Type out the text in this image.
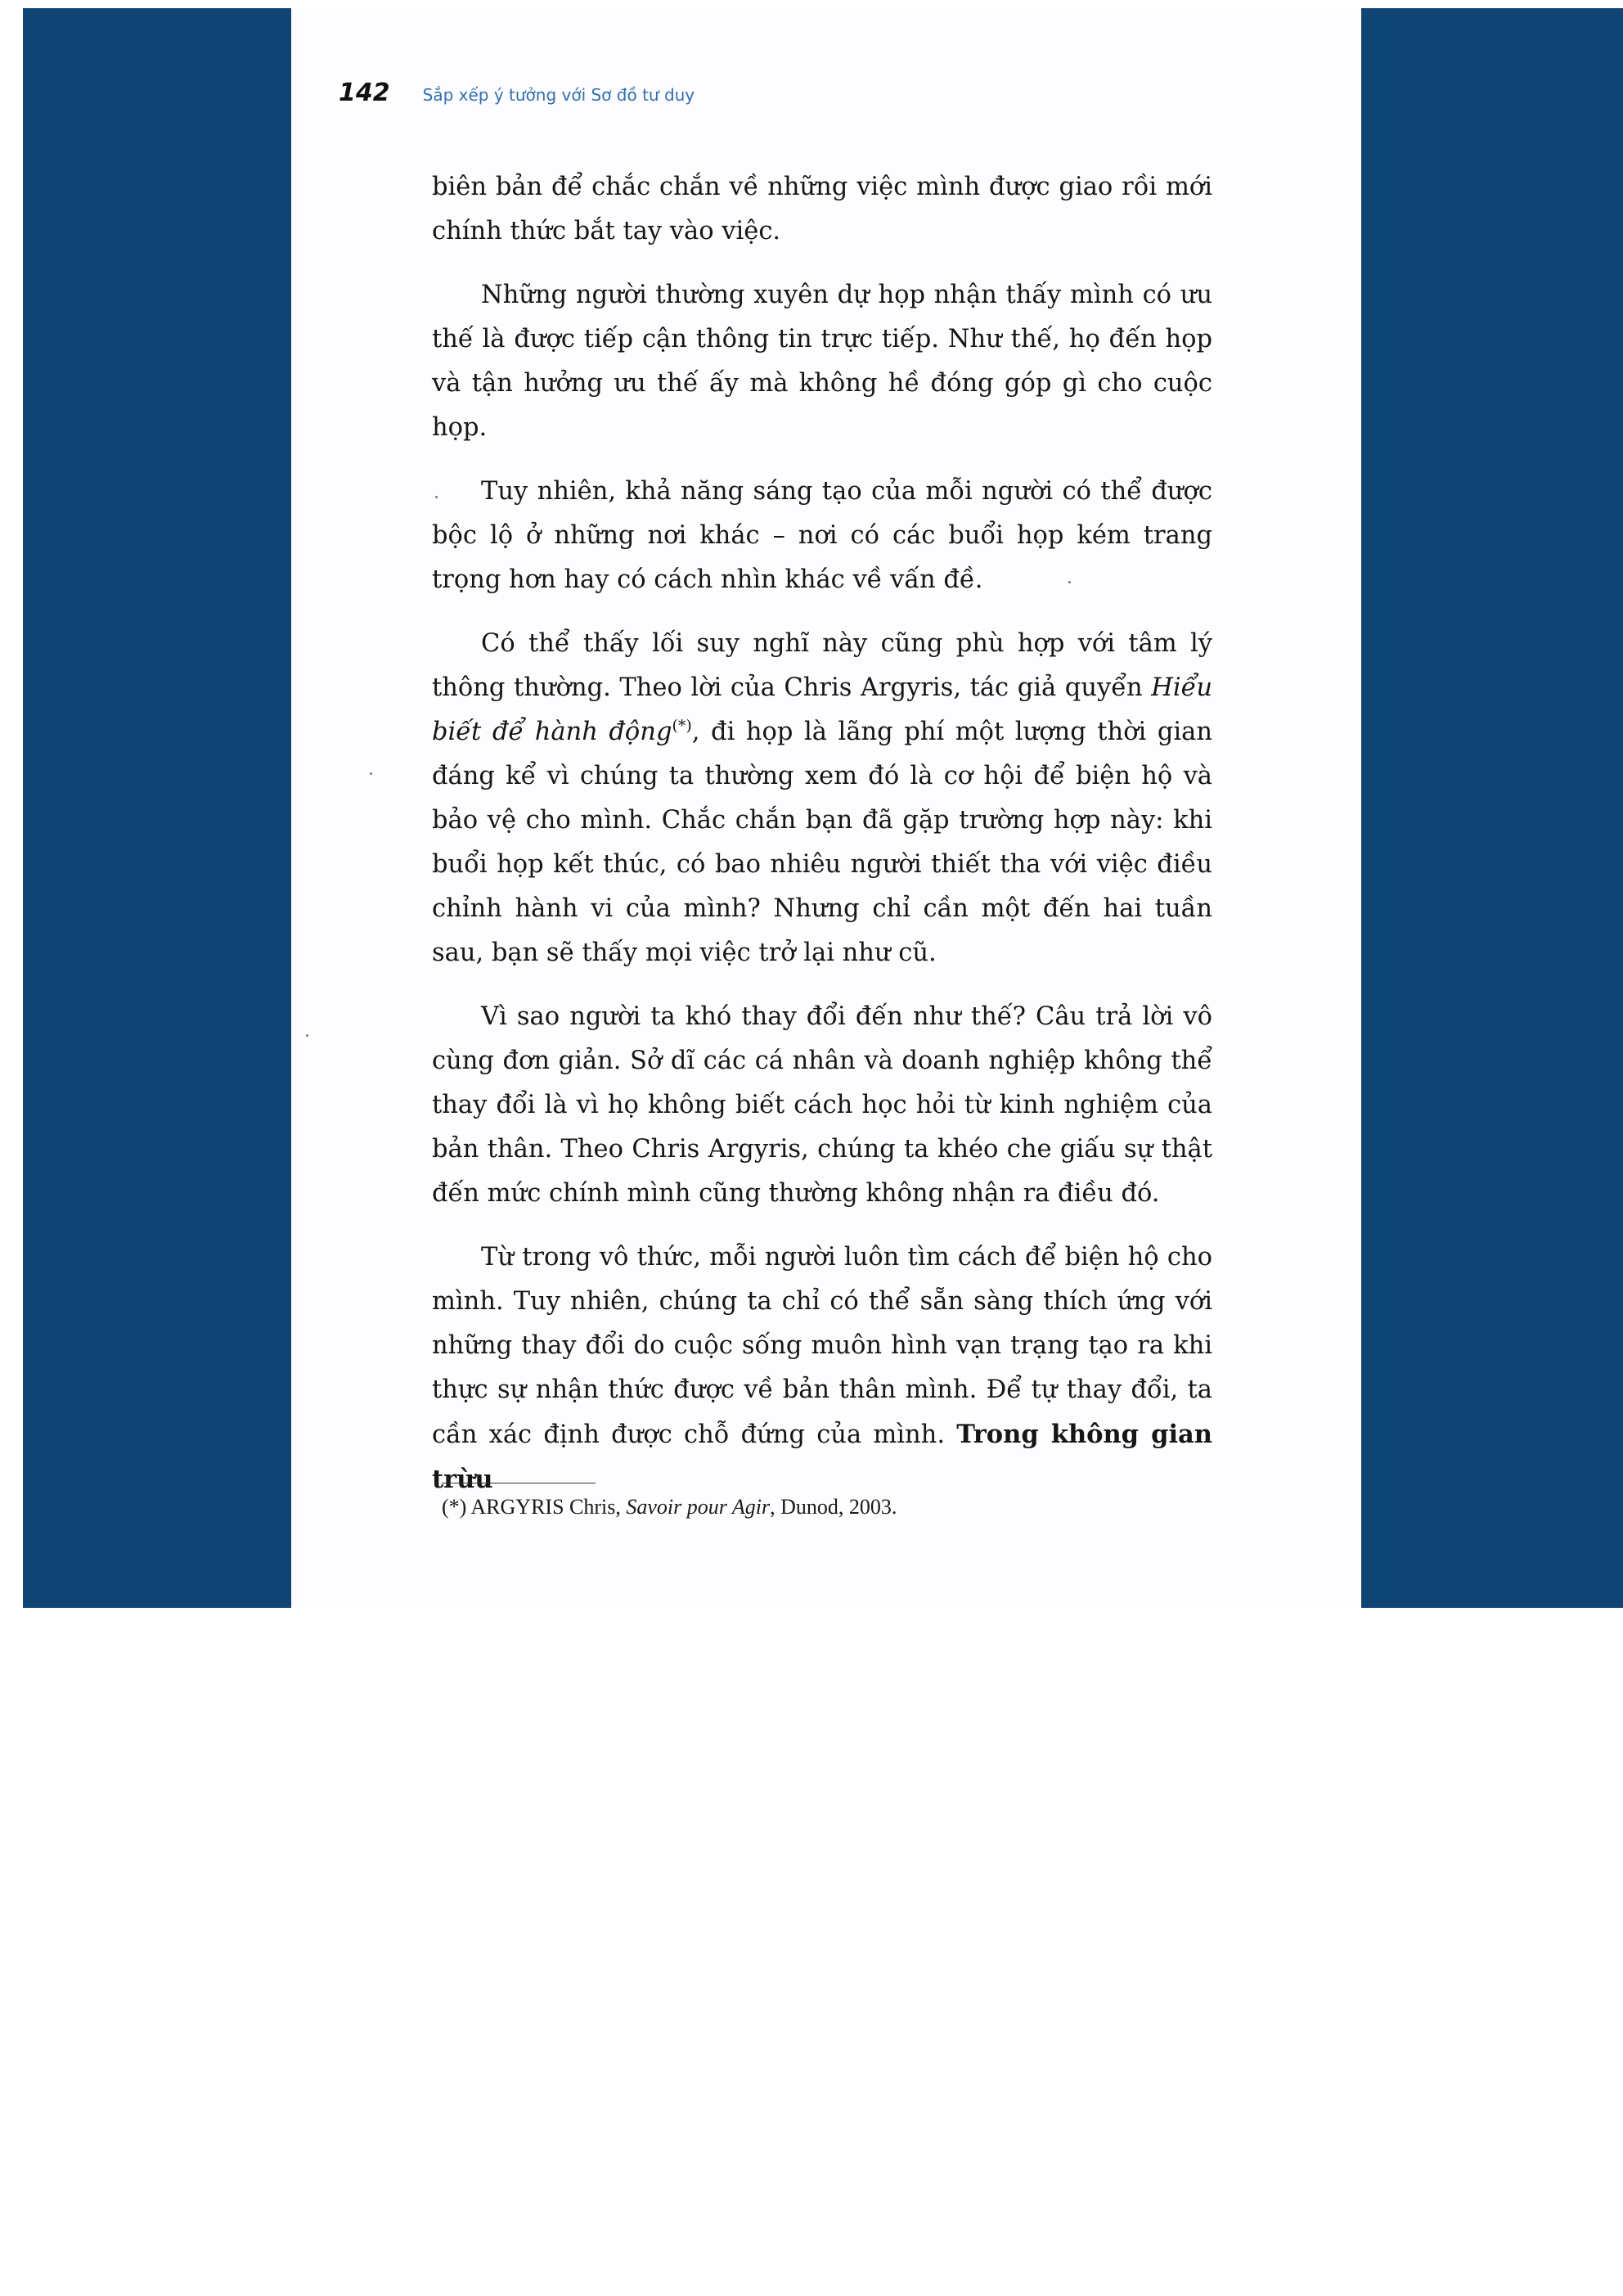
142 Sắp xếp ý tưởng với Sơ đồ tư duy

biên bản để chắc chắn về những việc mình được giao rồi mới chính thức bắt tay vào việc.

Những người thường xuyên dự họp nhận thấy mình có ưu thế là được tiếp cận thông tin trực tiếp. Như thế, họ đến họp và tận hưởng ưu thế ấy mà không hề đóng góp gì cho cuộc họp.

Tuy nhiên, khả năng sáng tạo của mỗi người có thể được bộc lộ ở những nơi khác – nơi có các buổi họp kém trang trọng hơn hay có cách nhìn khác về vấn đề.

Có thể thấy lối suy nghĩ này cũng phù hợp với tâm lý thông thường. Theo lời của Chris Argyris, tác giả quyển Hiểu biết để hành động(*), đi họp là lãng phí một lượng thời gian đáng kể vì chúng ta thường xem đó là cơ hội để biện hộ và bảo vệ cho mình. Chắc chắn bạn đã gặp trường hợp này: khi buổi họp kết thúc, có bao nhiêu người thiết tha với việc điều chỉnh hành vi của mình? Nhưng chỉ cần một đến hai tuần sau, bạn sẽ thấy mọi việc trở lại như cũ.

Vì sao người ta khó thay đổi đến như thế? Câu trả lời vô cùng đơn giản. Sở dĩ các cá nhân và doanh nghiệp không thể thay đổi là vì họ không biết cách học hỏi từ kinh nghiệm của bản thân. Theo Chris Argyris, chúng ta khéo che giấu sự thật đến mức chính mình cũng thường không nhận ra điều đó.

Từ trong vô thức, mỗi người luôn tìm cách để biện hộ cho mình. Tuy nhiên, chúng ta chỉ có thể sẵn sàng thích ứng với những thay đổi do cuộc sống muôn hình vạn trạng tạo ra khi thực sự nhận thức được về bản thân mình. Để tự thay đổi, ta cần xác định được chỗ đứng của mình. Trong không gian trừu

(*) ARGYRIS Chris, Savoir pour Agir, Dunod, 2003.
